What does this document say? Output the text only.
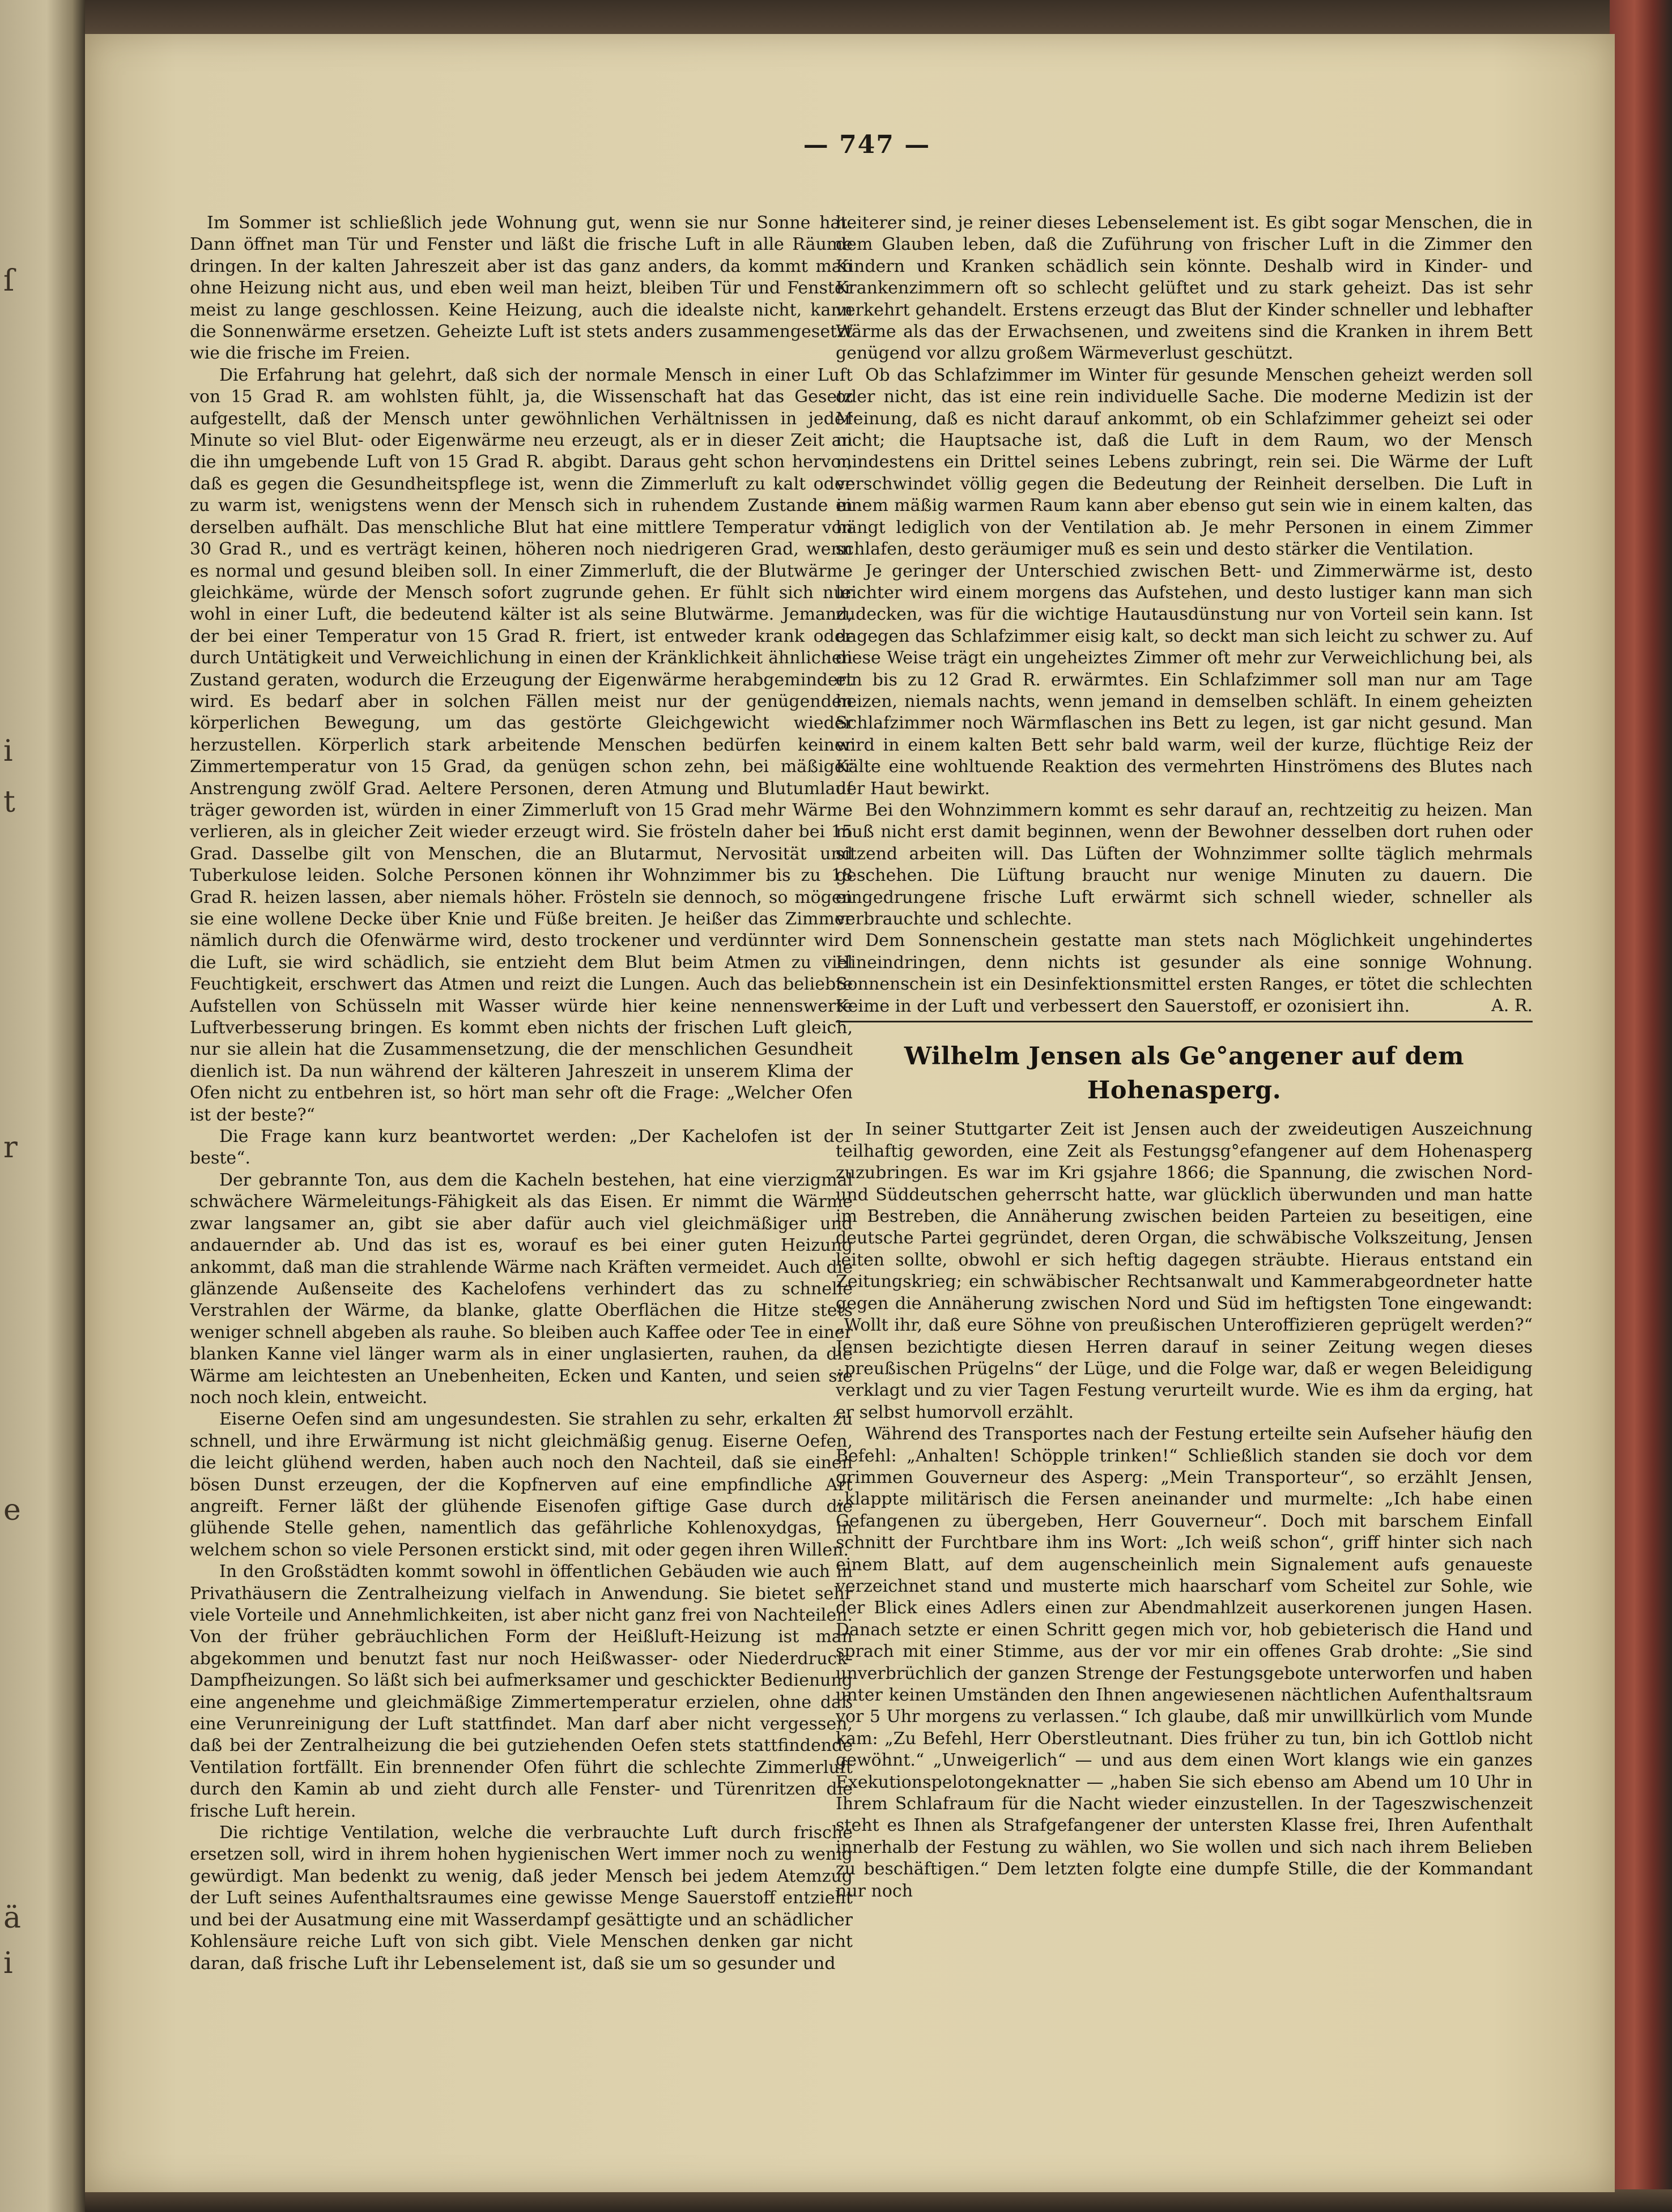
ſ
i
t
r
e
ä
i
— 747 —

Im Sommer ist schließlich jede Wohnung gut, wenn sie nur Sonne hat. Dann öffnet man Tür und Fenster und läßt die frische Luft in alle Räume dringen. In der kalten Jahreszeit aber ist das ganz anders, da kommt man ohne Heizung nicht aus, und eben weil man heizt, bleiben Tür und Fenster meist zu lange geschlossen. Keine Heizung, auch die idealste nicht, kann die Sonnenwärme ersetzen. Geheizte Luft ist stets anders zusammengesetzt wie die frische im Freien.

Die Erfahrung hat gelehrt, daß sich der normale Mensch in einer Luft von 15 Grad R. am wohlsten fühlt, ja, die Wissenschaft hat das Gesetz aufgestellt, daß der Mensch unter gewöhnlichen Verhältnissen in jeder Minute so viel Blut- oder Eigenwärme neu erzeugt, als er in dieser Zeit an die ihn umgebende Luft von 15 Grad R. abgibt. Daraus geht schon hervor, daß es gegen die Gesundheitspflege ist, wenn die Zimmerluft zu kalt oder zu warm ist, wenigstens wenn der Mensch sich in ruhendem Zustande in derselben aufhält. Das menschliche Blut hat eine mittlere Temperatur von 30 Grad R., und es verträgt keinen, höheren noch niedrigeren Grad, wenn es normal und gesund bleiben soll. In einer Zimmerluft, die der Blutwärme gleichkäme, würde der Mensch sofort zugrunde gehen. Er fühlt sich nur wohl in einer Luft, die bedeutend kälter ist als seine Blutwärme. Jemand, der bei einer Temperatur von 15 Grad R. friert, ist entweder krank oder durch Untätigkeit und Verweichlichung in einen der Kränklichkeit ähnlichen Zustand geraten, wodurch die Erzeugung der Eigenwärme herabgemindert wird. Es bedarf aber in solchen Fällen meist nur der genügenden körperlichen Bewegung, um das gestörte Gleichgewicht wieder herzustellen. Körperlich stark arbeitende Menschen bedürfen keiner Zimmertemperatur von 15 Grad, da genügen schon zehn, bei mäßiger Anstrengung zwölf Grad. Aeltere Personen, deren Atmung und Blutumlauf träger geworden ist, würden in einer Zimmerluft von 15 Grad mehr Wärme verlieren, als in gleicher Zeit wieder erzeugt wird. Sie frösteln daher bei 15 Grad. Dasselbe gilt von Menschen, die an Blutarmut, Nervosität und Tuberkulose leiden. Solche Personen können ihr Wohnzimmer bis zu 18 Grad R. heizen lassen, aber niemals höher. Frösteln sie dennoch, so mögen sie eine wollene Decke über Knie und Füße breiten. Je heißer das Zimmer nämlich durch die Ofenwärme wird, desto trockener und verdünnter wird die Luft, sie wird schädlich, sie entzieht dem Blut beim Atmen zu viel Feuchtigkeit, erschwert das Atmen und reizt die Lungen. Auch das beliebte Aufstellen von Schüsseln mit Wasser würde hier keine nennenswerte Luftverbesserung bringen. Es kommt eben nichts der frischen Luft gleich, nur sie allein hat die Zusammensetzung, die der menschlichen Gesundheit dienlich ist. Da nun während der kälteren Jahreszeit in unserem Klima der Ofen nicht zu entbehren ist, so hört man sehr oft die Frage: „Welcher Ofen ist der beste?“

Die Frage kann kurz beantwortet werden: „Der Kachelofen ist der beste“.

Der gebrannte Ton, aus dem die Kacheln bestehen, hat eine vierzigmal schwächere Wärmeleitungs-Fähigkeit als das Eisen. Er nimmt die Wärme zwar langsamer an, gibt sie aber dafür auch viel gleichmäßiger und andauernder ab. Und das ist es, worauf es bei einer guten Heizung ankommt, daß man die strahlende Wärme nach Kräften vermeidet. Auch die glänzende Außenseite des Kachelofens verhindert das zu schnelle Verstrahlen der Wärme, da blanke, glatte Oberflächen die Hitze stets weniger schnell abgeben als rauhe. So bleiben auch Kaffee oder Tee in einer blanken Kanne viel länger warm als in einer unglasierten, rauhen, da die Wärme am leichtesten an Unebenheiten, Ecken und Kanten, und seien sie noch noch klein, entweicht.

Eiserne Oefen sind am ungesundesten. Sie strahlen zu sehr, erkalten zu schnell, und ihre Erwärmung ist nicht gleichmäßig genug. Eiserne Oefen, die leicht glühend werden, haben auch noch den Nachteil, daß sie einen bösen Dunst erzeugen, der die Kopfnerven auf eine empfindliche Art angreift. Ferner läßt der glühende Eisenofen giftige Gase durch die glühende Stelle gehen, namentlich das gefährliche Kohlenoxydgas, in welchem schon so viele Personen erstickt sind, mit oder gegen ihren Willen.

In den Großstädten kommt sowohl in öffentlichen Gebäuden wie auch in Privathäusern die Zentralheizung vielfach in Anwendung. Sie bietet sehr viele Vorteile und Annehmlichkeiten, ist aber nicht ganz frei von Nachteilen. Von der früher gebräuchlichen Form der Heißluft-Heizung ist man abgekommen und benutzt fast nur noch Heißwasser- oder Niederdruck-Dampfheizungen. So läßt sich bei aufmerksamer und geschickter Bedienung eine angenehme und gleichmäßige Zimmertemperatur erzielen, ohne daß eine Verunreinigung der Luft stattfindet. Man darf aber nicht vergessen, daß bei der Zentralheizung die bei gutziehenden Oefen stets stattfindende Ventilation fortfällt. Ein brennender Ofen führt die schlechte Zimmerluft durch den Kamin ab und zieht durch alle Fenster- und Türenritzen die frische Luft herein.

Die richtige Ventilation, welche die verbrauchte Luft durch frische ersetzen soll, wird in ihrem hohen hygienischen Wert immer noch zu wenig gewürdigt. Man bedenkt zu wenig, daß jeder Mensch bei jedem Atemzug der Luft seines Aufenthaltsraumes eine gewisse Menge Sauerstoff entzieht und bei der Ausatmung eine mit Wasserdampf gesättigte und an schädlicher Kohlensäure reiche Luft von sich gibt. Viele Menschen denken gar nicht daran, daß frische Luft ihr Lebenselement ist, daß sie um so gesunder und

heiterer sind, je reiner dieses Lebenselement ist. Es gibt sogar Menschen, die in dem Glauben leben, daß die Zuführung von frischer Luft in die Zimmer den Kindern und Kranken schädlich sein könnte. Deshalb wird in Kinder- und Krankenzimmern oft so schlecht gelüftet und zu stark geheizt. Das ist sehr verkehrt gehandelt. Erstens erzeugt das Blut der Kinder schneller und lebhafter Wärme als das der Erwachsenen, und zweitens sind die Kranken in ihrem Bett genügend vor allzu großem Wärmeverlust geschützt.

Ob das Schlafzimmer im Winter für gesunde Menschen geheizt werden soll oder nicht, das ist eine rein individuelle Sache. Die moderne Medizin ist der Meinung, daß es nicht darauf ankommt, ob ein Schlafzimmer geheizt sei oder nicht; die Hauptsache ist, daß die Luft in dem Raum, wo der Mensch mindestens ein Drittel seines Lebens zubringt, rein sei. Die Wärme der Luft verschwindet völlig gegen die Bedeutung der Reinheit derselben. Die Luft in einem mäßig warmen Raum kann aber ebenso gut sein wie in einem kalten, das hängt lediglich von der Ventilation ab. Je mehr Personen in einem Zimmer schlafen, desto geräumiger muß es sein und desto stärker die Ventilation.

Je geringer der Unterschied zwischen Bett- und Zimmerwärme ist, desto leichter wird einem morgens das Aufstehen, und desto lustiger kann man sich zudecken, was für die wichtige Hautausdünstung nur von Vorteil sein kann. Ist dagegen das Schlafzimmer eisig kalt, so deckt man sich leicht zu schwer zu. Auf diese Weise trägt ein ungeheiztes Zimmer oft mehr zur Verweichlichung bei, als ein bis zu 12 Grad R. erwärmtes. Ein Schlafzimmer soll man nur am Tage heizen, niemals nachts, wenn jemand in demselben schläft. In einem geheizten Schlafzimmer noch Wärmflaschen ins Bett zu legen, ist gar nicht gesund. Man wird in einem kalten Bett sehr bald warm, weil der kurze, flüchtige Reiz der Kälte eine wohltuende Reaktion des vermehrten Hinströmens des Blutes nach der Haut bewirkt.

Bei den Wohnzimmern kommt es sehr darauf an, rechtzeitig zu heizen. Man muß nicht erst damit beginnen, wenn der Bewohner desselben dort ruhen oder sitzend arbeiten will. Das Lüften der Wohnzimmer sollte täglich mehrmals geschehen. Die Lüftung braucht nur wenige Minuten zu dauern. Die eingedrungene frische Luft erwärmt sich schnell wieder, schneller als verbrauchte und schlechte.

Dem Sonnenschein gestatte man stets nach Möglichkeit ungehindertes Hineindringen, denn nichts ist gesunder als eine sonnige Wohnung. Sonnenschein ist ein Desinfektionsmittel ersten Ranges, er tötet die schlechten Keime in der Luft und verbessert den Sauerstoff, er ozonisiert ihn.	A. R.
Wilhelm Jensen als Ge°angener auf dem Hohenasperg.

In seiner Stuttgarter Zeit ist Jensen auch der zweideutigen Auszeichnung teilhaftig geworden, eine Zeit als Festungsg°efangener auf dem Hohenasperg zuzubringen. Es war im Kri gsjahre 1866; die Spannung, die zwischen Nord- und Süddeutschen geherrscht hatte, war glücklich überwunden und man hatte im Bestreben, die Annäherung zwischen beiden Parteien zu beseitigen, eine deutsche Partei gegründet, deren Organ, die schwäbische Volkszeitung, Jensen leiten sollte, obwohl er sich heftig dagegen sträubte. Hieraus entstand ein Zeitungskrieg; ein schwäbischer Rechtsanwalt und Kammerabgeordneter hatte gegen die Annäherung zwischen Nord und Süd im heftigsten Tone eingewandt: „Wollt ihr, daß eure Söhne von preußischen Unteroffizieren geprügelt werden?“ Jensen bezichtigte diesen Herren darauf in seiner Zeitung wegen dieses „preußischen Prügelns“ der Lüge, und die Folge war, daß er wegen Beleidigung verklagt und zu vier Tagen Festung verurteilt wurde. Wie es ihm da erging, hat er selbst humorvoll erzählt.

Während des Transportes nach der Festung erteilte sein Aufseher häufig den Befehl: „Anhalten! Schöpple trinken!“ Schließlich standen sie doch vor dem grimmen Gouverneur des Asperg: „Mein Transporteur“, so erzählt Jensen, „klappte militärisch die Fersen aneinander und murmelte: „Ich habe einen Gefangenen zu übergeben, Herr Gouverneur“. Doch mit barschem Einfall schnitt der Furchtbare ihm ins Wort: „Ich weiß schon“, griff hinter sich nach einem Blatt, auf dem augenscheinlich mein Signalement aufs genaueste verzeichnet stand und musterte mich haarscharf vom Scheitel zur Sohle, wie der Blick eines Adlers einen zur Abendmahlzeit auserkorenen jungen Hasen. Danach setzte er einen Schritt gegen mich vor, hob gebieterisch die Hand und sprach mit einer Stimme, aus der vor mir ein offenes Grab drohte: „Sie sind unverbrüchlich der ganzen Strenge der Festungsgebote unterworfen und haben unter keinen Umständen den Ihnen angewiesenen nächtlichen Aufenthaltsraum vor 5 Uhr morgens zu verlassen.“ Ich glaube, daß mir unwillkürlich vom Munde kam: „Zu Befehl, Herr Oberstleutnant. Dies früher zu tun, bin ich Gottlob nicht gewöhnt.“ „Unweigerlich“ — und aus dem einen Wort klangs wie ein ganzes Exekutionspelotongeknatter — „haben Sie sich ebenso am Abend um 10 Uhr in Ihrem Schlafraum für die Nacht wieder einzustellen. In der Tageszwischenzeit steht es Ihnen als Strafgefangener der untersten Klasse frei, Ihren Aufenthalt innerhalb der Festung zu wählen, wo Sie wollen und sich nach ihrem Belieben zu beschäftigen.“ Dem letzten folgte eine dumpfe Stille, die der Kommandant nur noch
